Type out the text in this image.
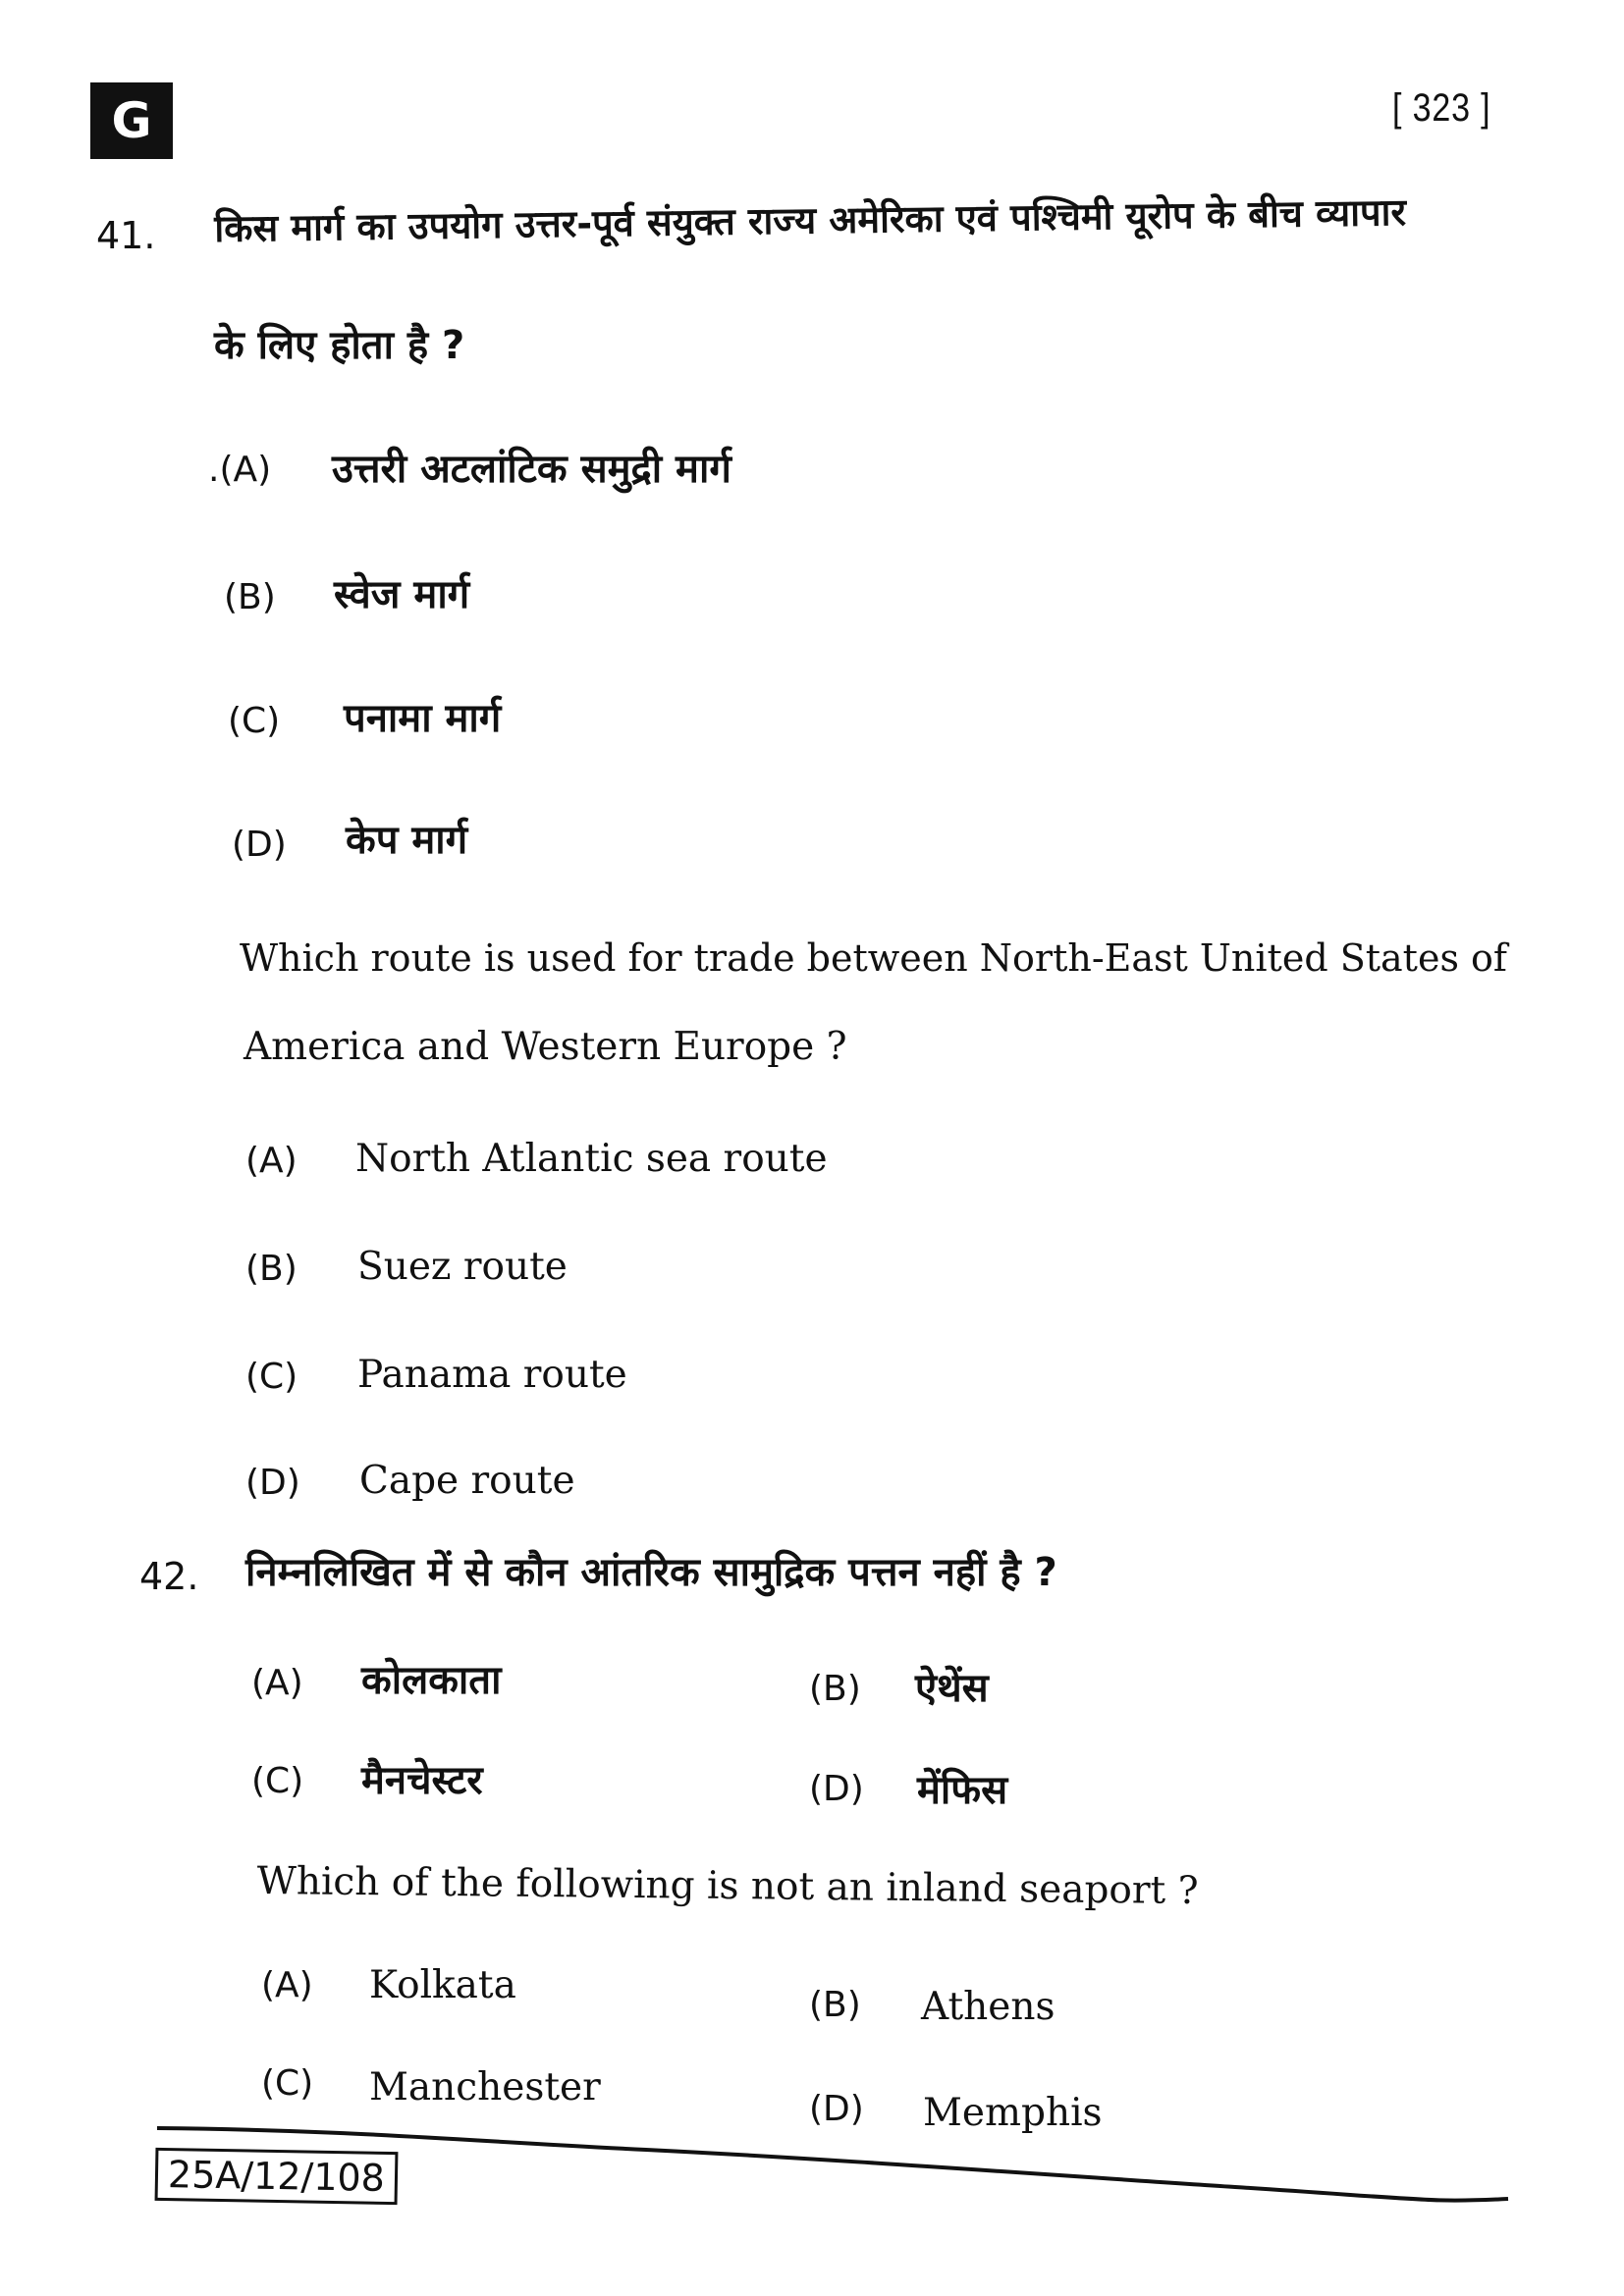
G	[ 323 ]
41. किस मार्ग का उपयोग उत्तर-पूर्व संयुक्त राज्य अमेरिका एवं पश्चिमी यूरोप के बीच व्यापार
के लिए होता है ?
.(A) उत्तरी अटलांटिक समुद्री मार्ग
(B) स्वेज मार्ग
(C) पनामा मार्ग
(D) केप मार्ग
Which route is used for trade between North-East United States of
America and Western Europe ?
(A) North Atlantic sea route
(B) Suez route
(C) Panama route
(D) Cape route
42. निम्नलिखित में से कौन आंतरिक सामुद्रिक पत्तन नहीं है ?
(A) कोलकाता	(B) ऐथेंस
(C) मैनचेस्टर	(D) मेंफिस
Which of the following is not an inland seaport ?
(A) Kolkata	(B) Athens
(C) Manchester	(D) Memphis
25A/12/108
